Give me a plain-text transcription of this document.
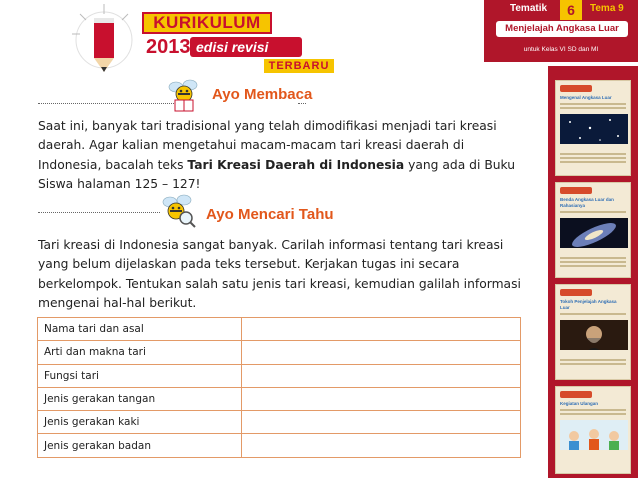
KURIKULUM
2013 edisi revisi
TERBARU
Tematik	6	Tema 9
Menjelajah Angkasa Luar
untuk Kelas VI SD dan MI
Mengenal Angkasa Luar
Benda Angkasa Luar dan Rahasianya
Tokoh Penjelajah Angkasa Luar
Kegiatan Ulangan
Ayo Membaca
Saat ini, banyak tari tradisional yang telah dimodifikasi menjadi tari kreasi daerah. Agar kalian mengetahui macam-macam tari kreasi daerah di Indonesia, bacalah teks Tari Kreasi Daerah di Indonesia yang ada di Buku Siswa halaman 125 – 127!
Ayo Mencari Tahu
Tari kreasi di Indonesia sangat banyak. Carilah informasi tentang tari kreasi yang belum dijelaskan pada teks tersebut. Kerjakan tugas ini secara berkelompok. Tentukan salah satu jenis tari kreasi, kemudian galilah informasi mengenai hal-hal berikut.
Nama tari dan asal	
Arti dan makna tari	
Fungsi tari	
Jenis gerakan tangan	
Jenis gerakan kaki	
Jenis gerakan badan	
